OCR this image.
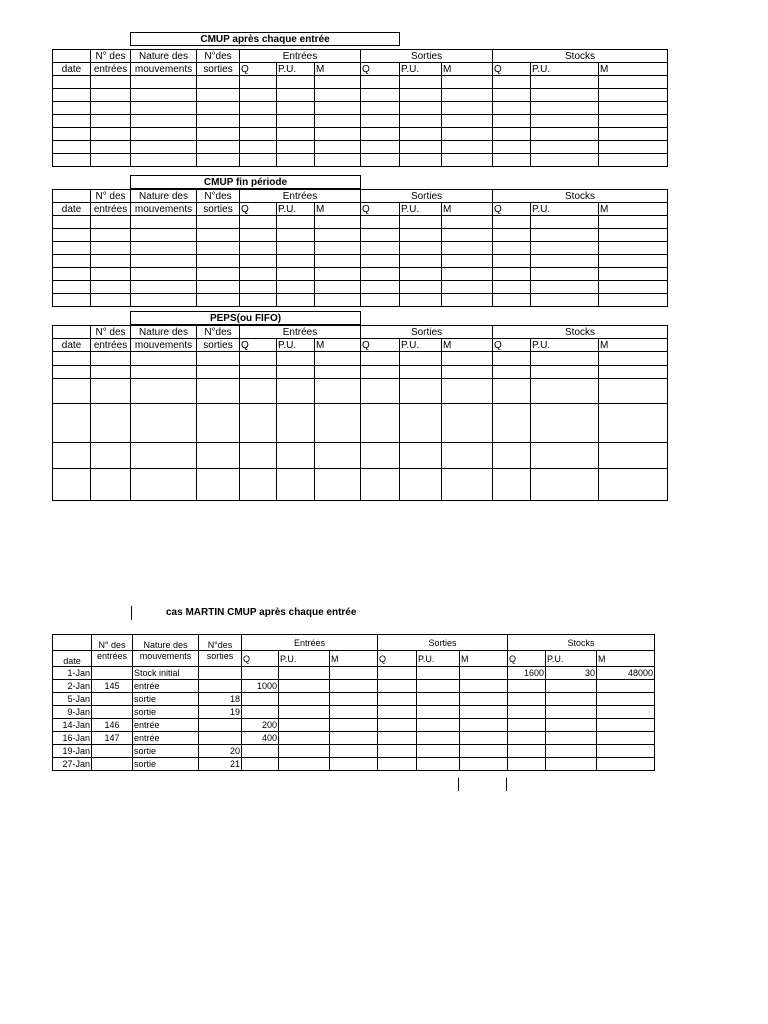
CMUP après chaque entrée
	N° des	Nature des	N°des	Entrées			Sorties			Stocks		
date	entrées	mouvements	sorties	Q	P.U.	M	Q	P.U.	M	Q	P.U.	M

CMUP fin période
	N° des	Nature des	N°des	Entrées			Sorties			Stocks		
date	entrées	mouvements	sorties	Q	P.U.	M	Q	P.U.	M	Q	P.U.	M

PEPS(ou FIFO)
	N° des	Nature des	N°des	Entrées			Sorties			Stocks		
date	entrées	mouvements	sorties	Q	P.U.	M	Q	P.U.	M	Q	P.U.	M

cas MARTIN CMUP après chaque entrée
	N° des	Nature des	N°des	Entrées			Sorties			Stocks		
date	entrées	mouvements	sorties	Q	P.U.	M	Q	P.U.	M	Q	P.U.	M
1-Jan		Stock initial								1600	30	48000
2-Jan	145	entrée		1000								
5-Jan		sortie	18									
9-Jan		sortie	19									
14-Jan	146	entrée		200								
16-Jan	147	entrée		400								
19-Jan		sortie	20									
27-Jan		sortie	21									
